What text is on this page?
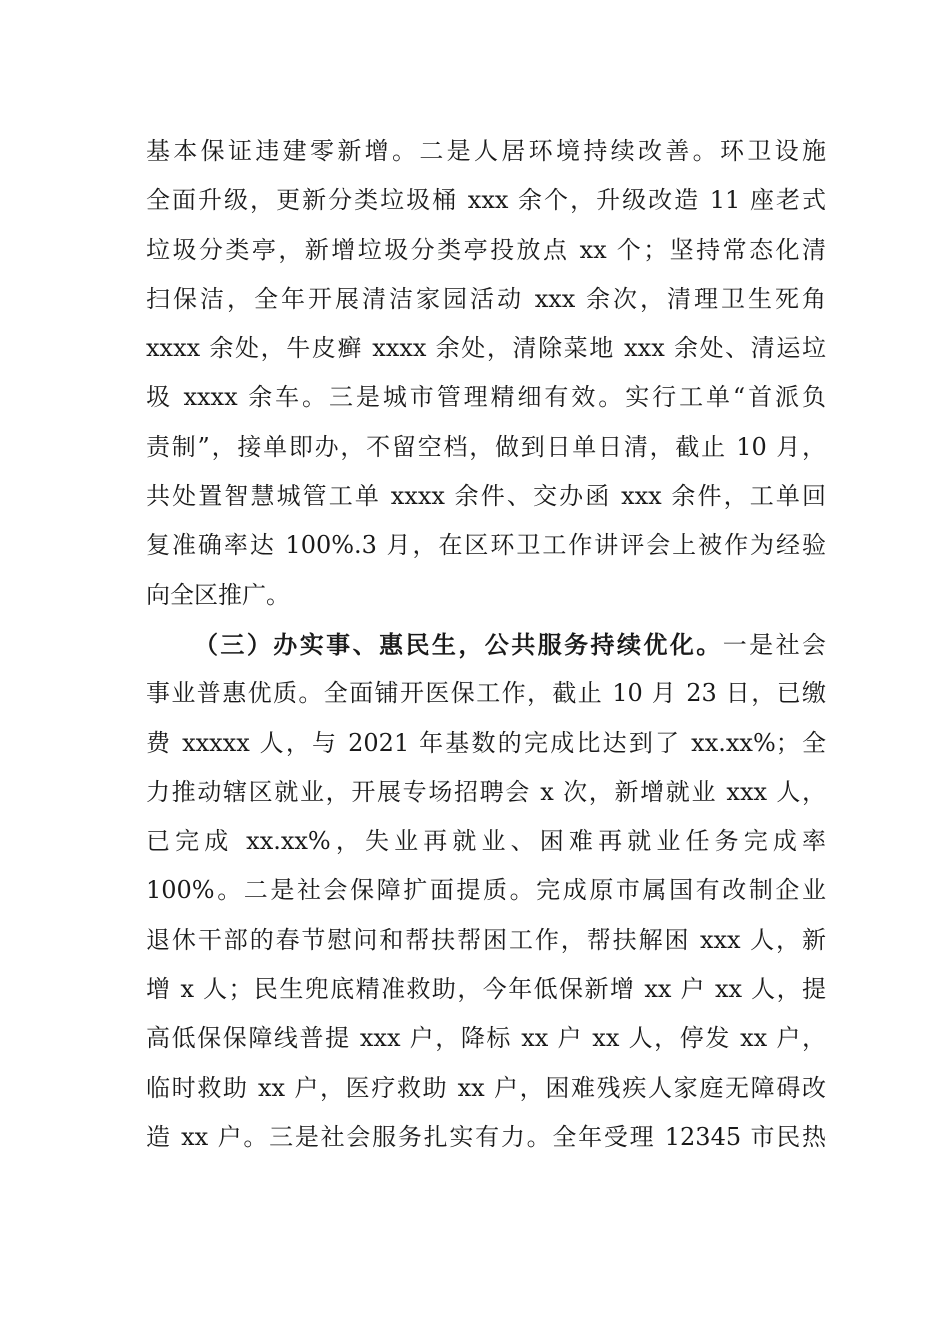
基本保证违建零新增。二是人居环境持续改善。环卫设施
全面升级，更新分类垃圾桶 xxx 余个，升级改造 11 座老式
垃圾分类亭，新增垃圾分类亭投放点 xx 个；坚持常态化清
扫保洁，全年开展清洁家园活动 xxx 余次，清理卫生死角
xxxx 余处，牛皮癣 xxxx 余处，清除菜地 xxx 余处、清运垃
圾 xxxx 余车。三是城市管理精细有效。实行工单“首派负
责制”，接单即办，不留空档，做到日单日清，截止 10 月，
共处置智慧城管工单 xxxx 余件、交办函 xxx 余件，工单回
复准确率达 100%.3 月，在区环卫工作讲评会上被作为经验
向全区推广。
（三）办实事、惠民生，公共服务持续优化。一是社会
事业普惠优质。全面铺开医保工作，截止 10 月 23 日，已缴
费 xxxxx 人，与 2021 年基数的完成比达到了 xx.xx%；全
力推动辖区就业，开展专场招聘会 x 次，新增就业 xxx 人，
已完成 xx.xx%，失业再就业、困难再就业任务完成率
100%。二是社会保障扩面提质。完成原市属国有改制企业
退休干部的春节慰问和帮扶帮困工作，帮扶解困 xxx 人，新
增 x 人；民生兜底精准救助，今年低保新增 xx 户 xx 人，提
高低保保障线普提 xxx 户，降标 xx 户 xx 人，停发 xx 户，
临时救助 xx 户，医疗救助 xx 户，困难残疾人家庭无障碍改
造 xx 户。三是社会服务扎实有力。全年受理 12345 市民热
